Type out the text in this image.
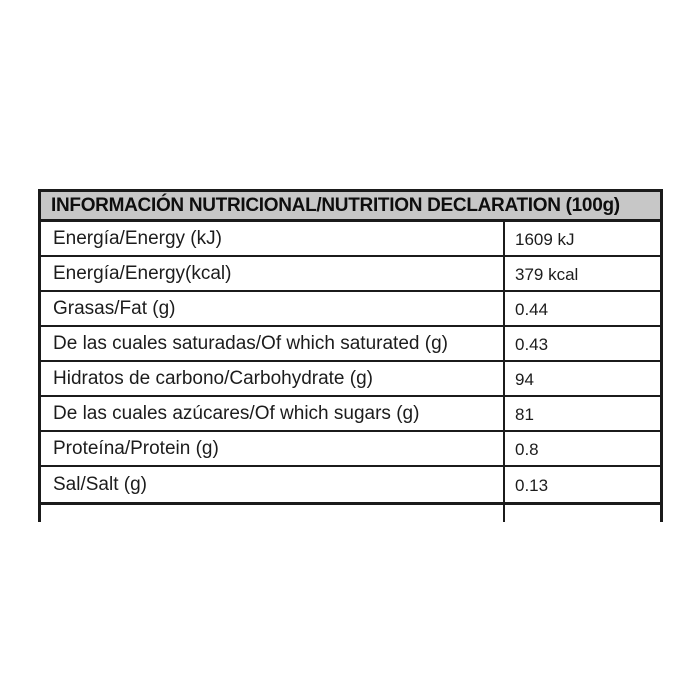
INFORMACIÓN NUTRICIONAL/NUTRITION DECLARATION (100g)
Energía/Energy (kJ)	1609 kJ
Energía/Energy(kcal)	379 kcal
Grasas/Fat (g)	0.44
De las cuales saturadas/Of which saturated (g)	0.43
Hidratos de carbono/Carbohydrate (g)	94
De las cuales azúcares/Of which sugars (g)	81
Proteína/Protein (g)	0.8
Sal/Salt (g)	0.13
